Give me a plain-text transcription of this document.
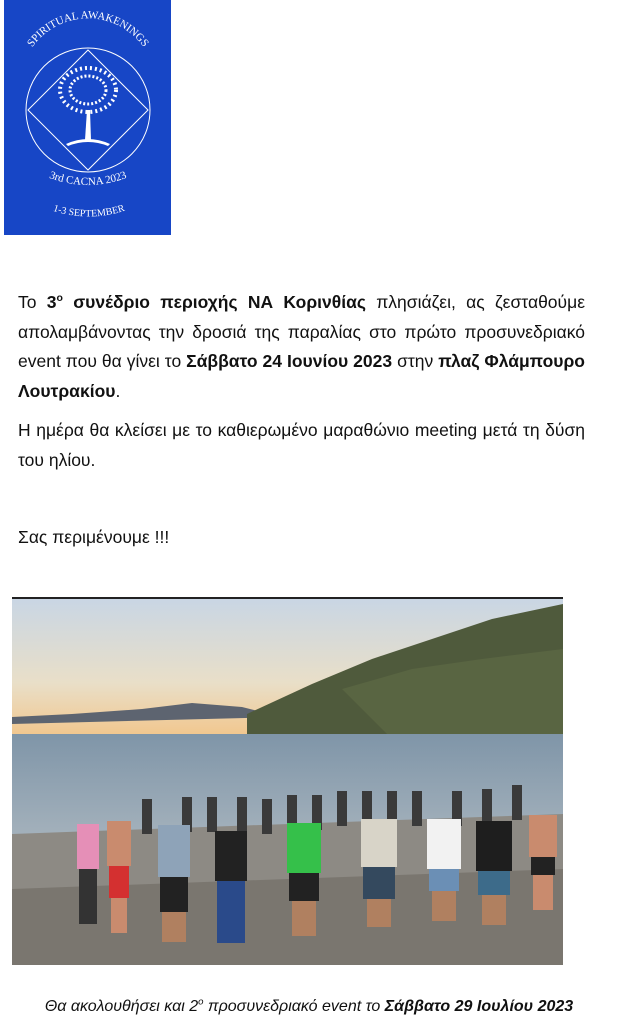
SPIRITUAL AWAKENINGS
3rd CACNA 2023
1-3 SEPTEMBER
Το $3^o$ συνέδριο περιοχής ΝΑ Κορινθίας πλησιάζει, ας ζεσταθούμε απολαμβάνοντας την δροσιά της παραλίας στο πρώτο προσυνεδριακό event που θα γίνει το Σάββατο 24 Ιουνίου 2023 στην πλαζ Φλάμπουρο Λουτρακίου.
Η ημέρα θα κλείσει με το καθιερωμένο μαραθώνιο meeting μετά τη δύση του ηλίου.
Σας περιμένουμε !!!
Θα ακολουθήσει και $2^o$ προσυνεδριακό event το Σάββατο 29 Ιουλίου 2023
